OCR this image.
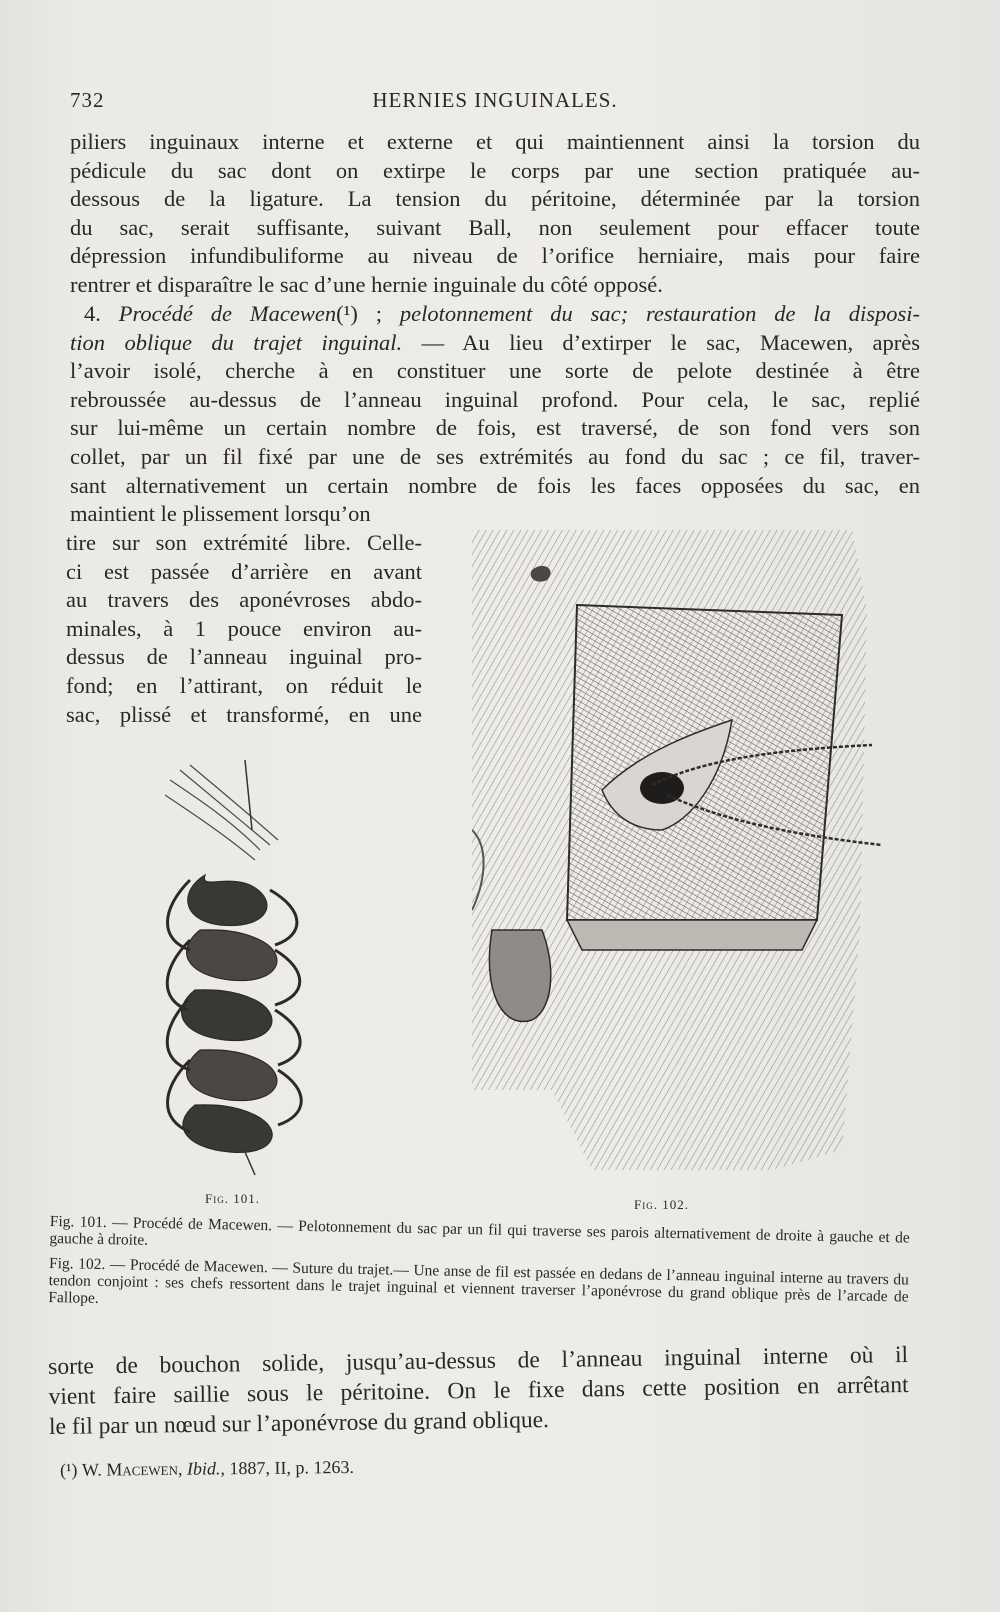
732	HERNIES INGUINALES.
piliers inguinaux interne et externe et qui maintiennent ainsi la torsion du
pédicule du sac dont on extirpe le corps par une section pratiquée au-
dessous de la ligature. La tension du péritoine, déterminée par la torsion
du sac, serait suffisante, suivant Ball, non seulement pour effacer toute
dépression infundibuliforme au niveau de l’orifice herniaire, mais pour faire
rentrer et disparaître le sac d’une hernie inguinale du côté opposé.
4. Procédé de Macewen(¹) ; pelotonnement du sac; restauration de la disposi-
tion oblique du trajet inguinal. — Au lieu d’extirper le sac, Macewen, après
l’avoir isolé, cherche à en constituer une sorte de pelote destinée à être
rebroussée au-dessus de l’anneau inguinal profond. Pour cela, le sac, replié
sur lui-même un certain nombre de fois, est traversé, de son fond vers son
collet, par un fil fixé par une de ses extrémités au fond du sac ; ce fil, traver-
sant alternativement un certain nombre de fois les faces opposées du sac, en
maintient le plissement lorsqu’on
tire sur son extrémité libre. Celle-
ci est passée d’arrière en avant
au travers des aponévroses abdo-
minales, à 1 pouce environ au-
dessus de l’anneau inguinal pro-
fond; en l’attirant, on réduit le
sac, plissé et transformé, en une
Fig. 101.	Fig. 102.

Fig. 101. — Procédé de Macewen. — Pelotonnement du sac par un fil qui traverse ses parois alternativement de droite à gauche et de gauche à droite.

Fig. 102. — Procédé de Macewen. — Suture du trajet.— Une anse de fil est passée en dedans de l’anneau inguinal interne au travers du tendon conjoint : ses chefs ressortent dans le trajet inguinal et viennent traverser l’aponévrose du grand oblique près de l’arcade de Fallope.

sorte de bouchon solide, jusqu’au-dessus de l’anneau inguinal interne où il
vient faire saillie sous le péritoine. On le fixe dans cette position en arrêtant
le fil par un nœud sur l’aponévrose du grand oblique.
(¹) W. Macewen, Ibid., 1887, II, p. 1263.
